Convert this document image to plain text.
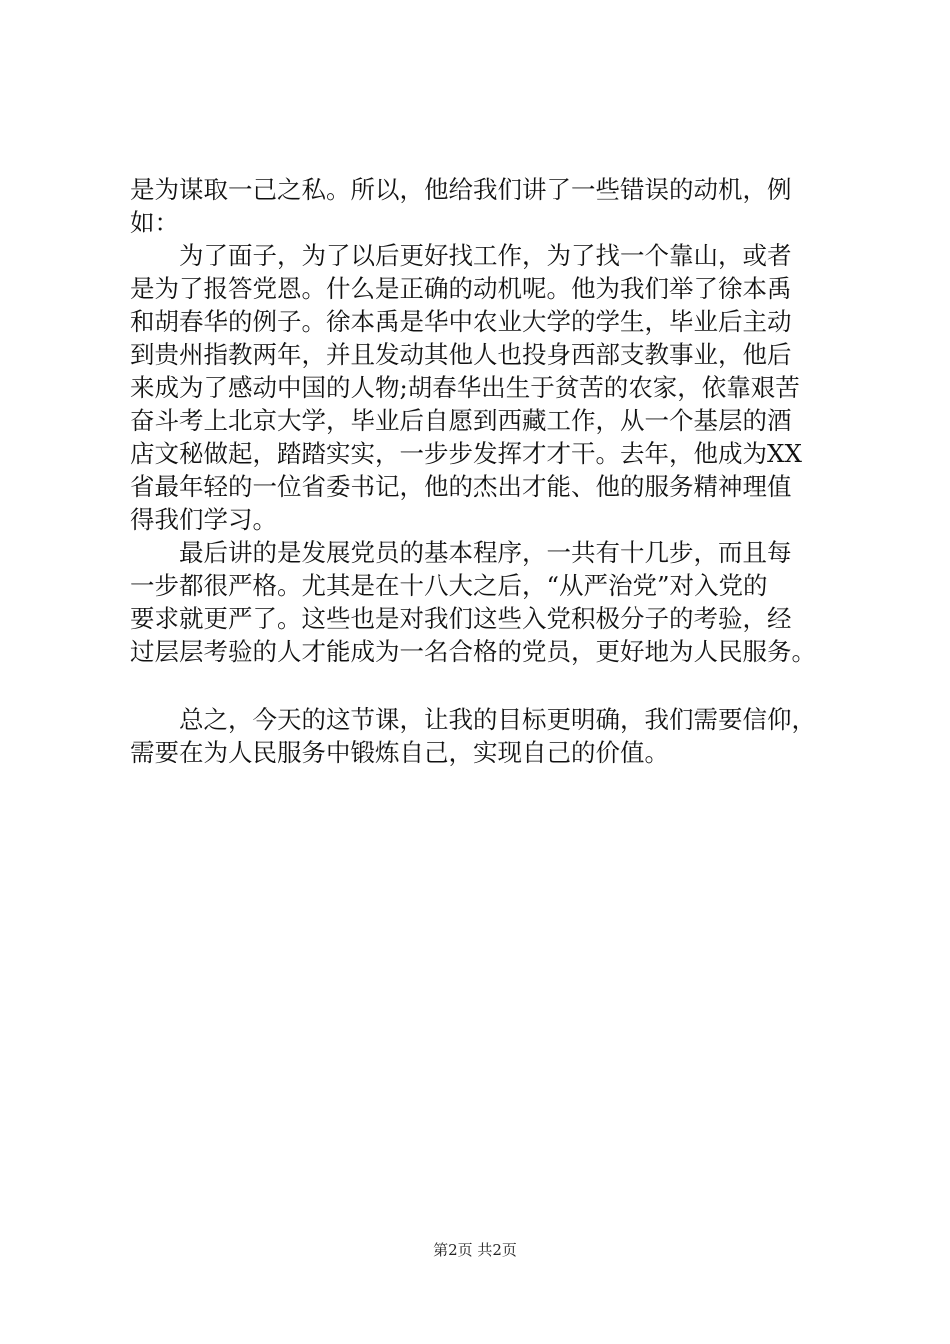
是为谋取一己之私。所以，他给我们讲了一些错误的动机，例
如：
为了面子，为了以后更好找工作，为了找一个靠山，或者
是为了报答党恩。什么是正确的动机呢。他为我们举了徐本禹
和胡春华的例子。徐本禹是华中农业大学的学生，毕业后主动
到贵州指教两年，并且发动其他人也投身西部支教事业，他后
来成为了感动中国的人物;胡春华出生于贫苦的农家，依靠艰苦
奋斗考上北京大学，毕业后自愿到西藏工作，从一个基层的酒
店文秘做起，踏踏实实，一步步发挥才才干。去年，他成为XX
省最年轻的一位省委书记，他的杰出才能、他的服务精神理值
得我们学习。
最后讲的是发展党员的基本程序，一共有十几步，而且每
一步都很严格。尤其是在十八大之后，“从严治党”对入党的
要求就更严了。这些也是对我们这些入党积极分子的考验，经
过层层考验的人才能成为一名合格的党员，更好地为人民服务。
总之，今天的这节课，让我的目标更明确，我们需要信仰，
需要在为人民服务中锻炼自己，实现自己的价值。
第2页 共2页
